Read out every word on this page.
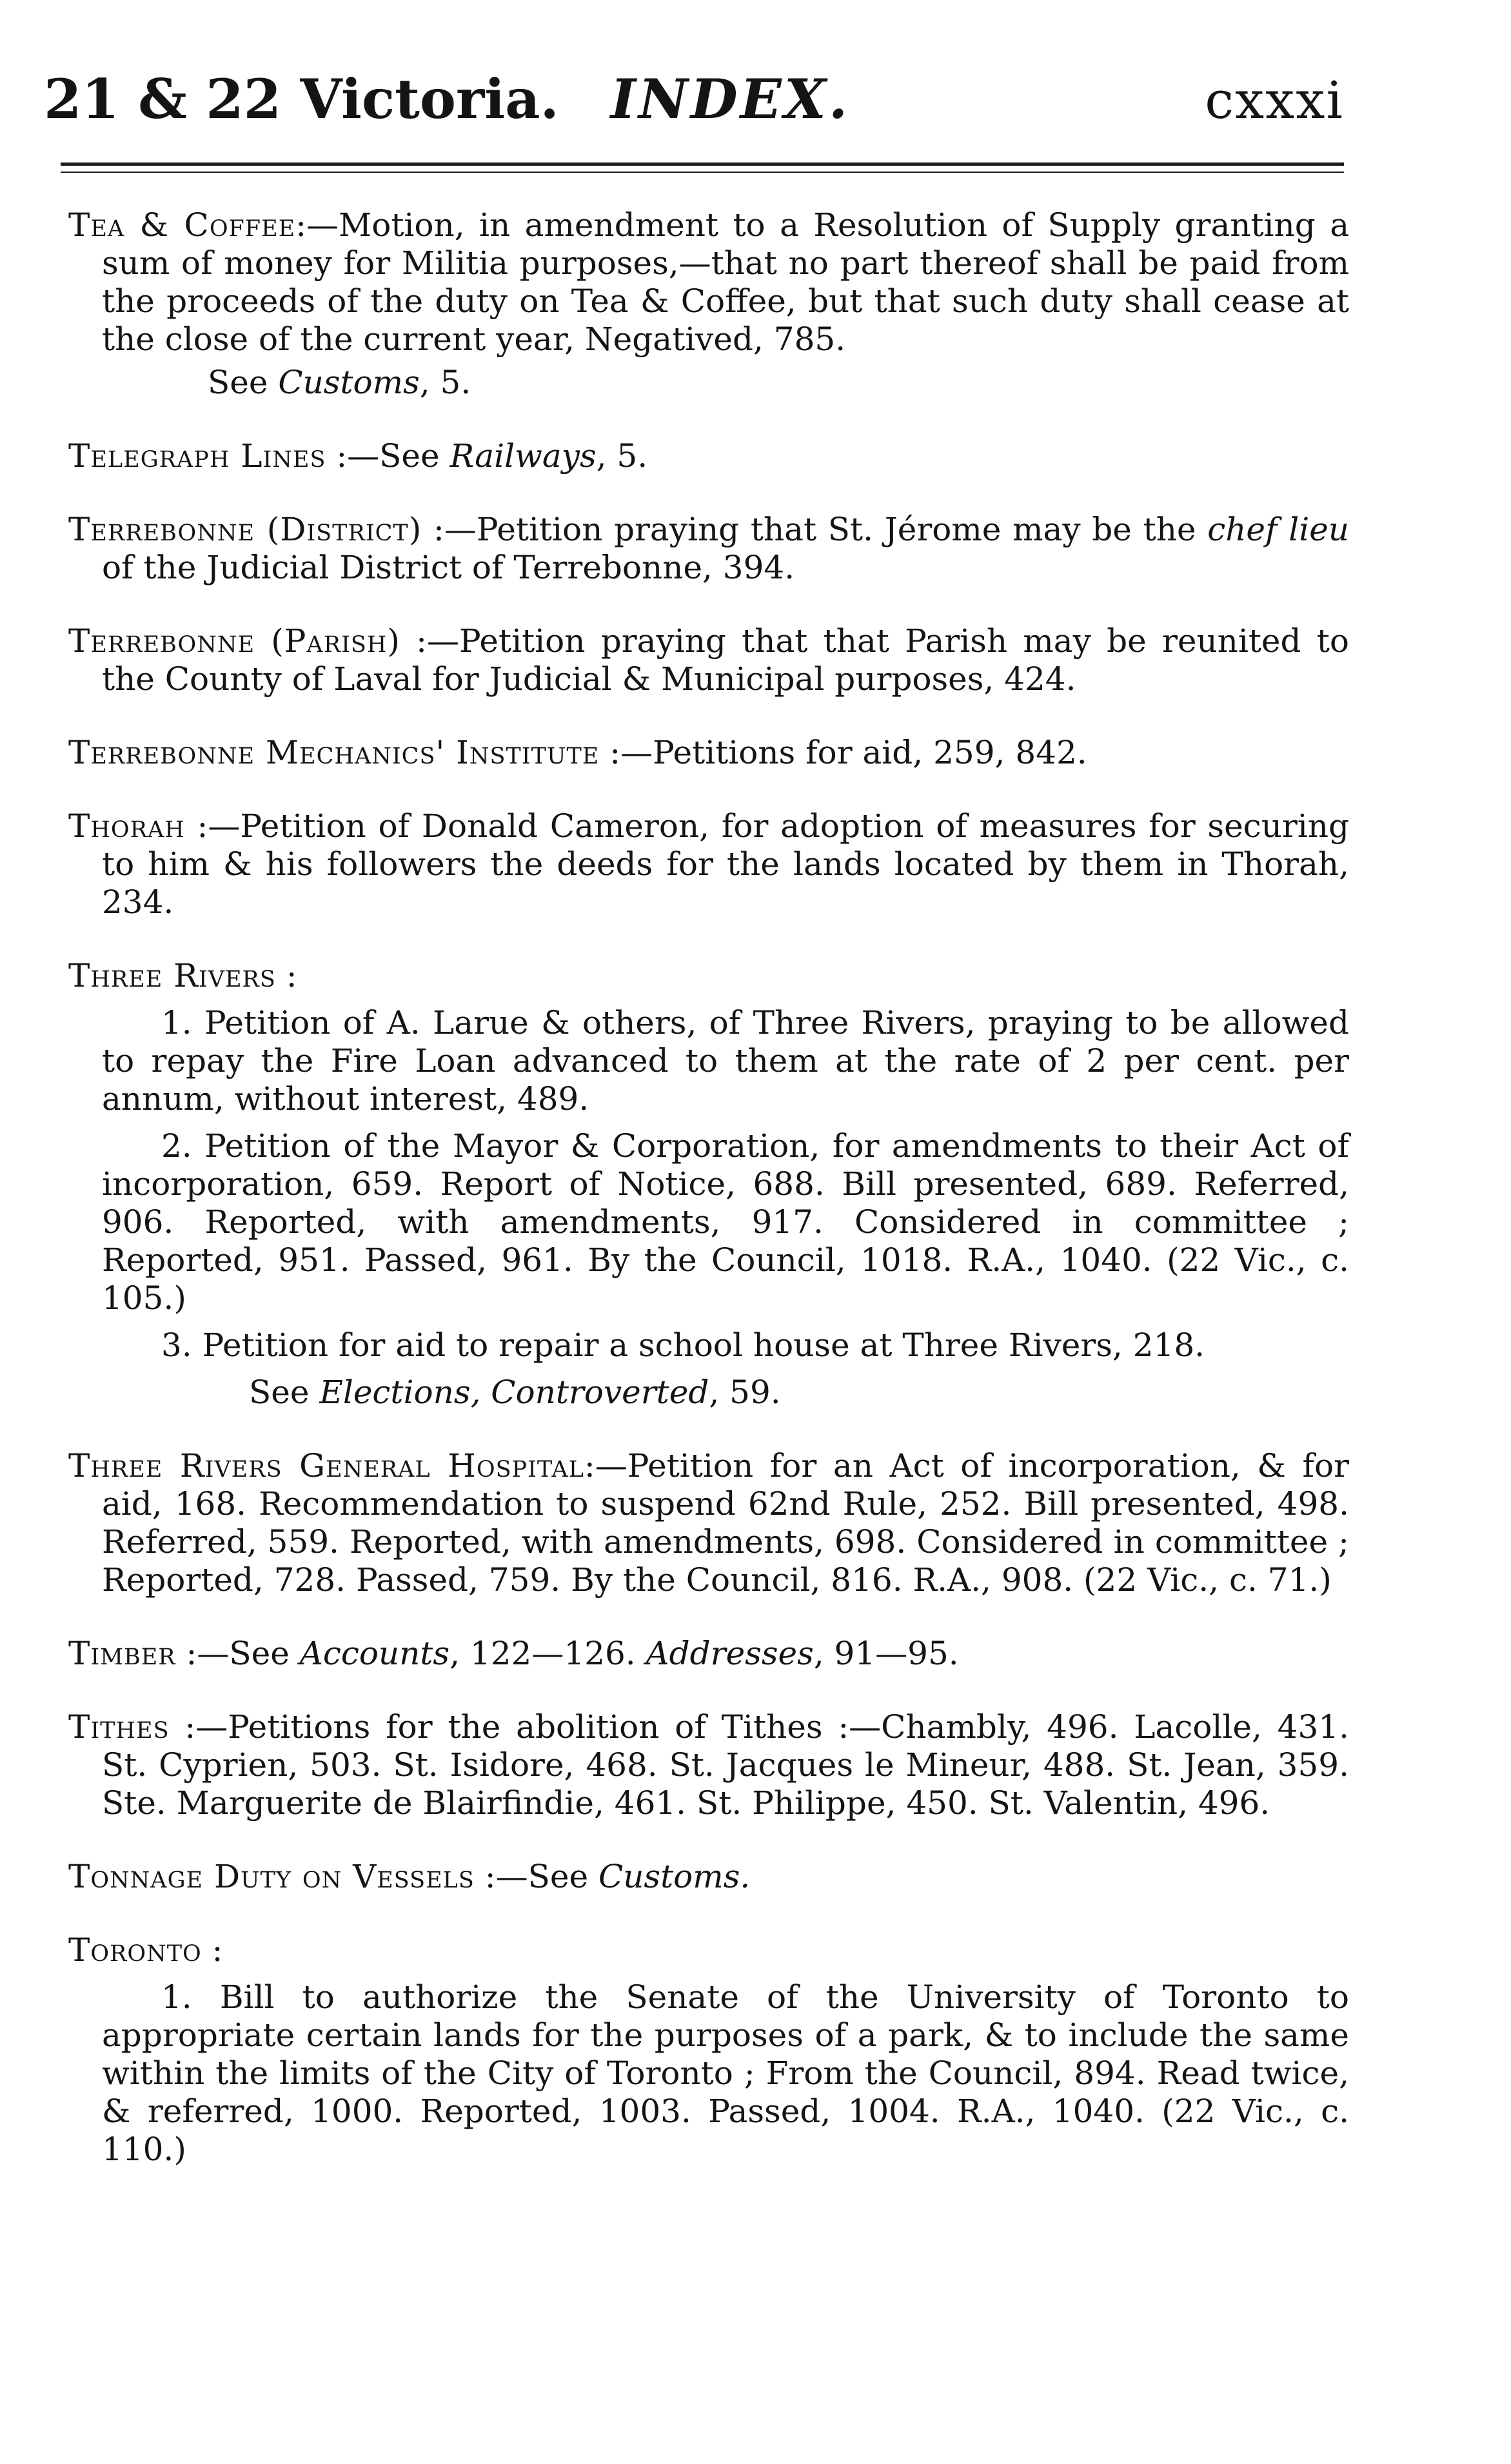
21 & 22 Victoria. INDEX.	cxxxi

Tea & Coffee:—Motion, in amendment to a Resolution of Supply granting a sum of money for Militia purposes,—that no part thereof shall be paid from the proceeds of the duty on Tea & Coffee, but that such duty shall cease at the close of the current year, Negatived, 785.

See Customs, 5.

Telegraph Lines :—See Railways, 5.

Terrebonne (District) :—Petition praying that St. Jérome may be the chef lieu of the Judicial District of Terrebonne, 394.

Terrebonne (Parish) :—Petition praying that that Parish may be reunited to the County of Laval for Judicial & Municipal purposes, 424.

Terrebonne Mechanics' Institute :—Petitions for aid, 259, 842.

Thorah :—Petition of Donald Cameron, for adoption of measures for securing to him & his followers the deeds for the lands located by them in Thorah, 234.

Three Rivers :

1. Petition of A. Larue & others, of Three Rivers, praying to be allowed to repay the Fire Loan advanced to them at the rate of 2 per cent. per annum, without interest, 489.

2. Petition of the Mayor & Corporation, for amendments to their Act of incorporation, 659. Report of Notice, 688. Bill presented, 689. Referred, 906. Reported, with amendments, 917. Considered in committee ; Reported, 951. Passed, 961. By the Council, 1018. R.A., 1040. (22 Vic., c. 105.)

3. Petition for aid to repair a school house at Three Rivers, 218.

See Elections, Controverted, 59.

Three Rivers General Hospital:—Petition for an Act of incorporation, & for aid, 168. Recommendation to suspend 62nd Rule, 252. Bill presented, 498. Referred, 559. Reported, with amendments, 698. Considered in committee ; Reported, 728. Passed, 759. By the Council, 816. R.A., 908. (22 Vic., c. 71.)

Timber :—See Accounts, 122—126. Addresses, 91—95.

Tithes :—Petitions for the abolition of Tithes :—Chambly, 496. Lacolle, 431. St. Cyprien, 503. St. Isidore, 468. St. Jacques le Mineur, 488. St. Jean, 359. Ste. Marguerite de Blairfindie, 461. St. Philippe, 450. St. Valentin, 496.

Tonnage Duty on Vessels :—See Customs.

Toronto :

1. Bill to authorize the Senate of the University of Toronto to appropriate certain lands for the purposes of a park, & to include the same within the limits of the City of Toronto ; From the Council, 894. Read twice, & referred, 1000. Reported, 1003. Passed, 1004. R.A., 1040. (22 Vic., c. 110.)
